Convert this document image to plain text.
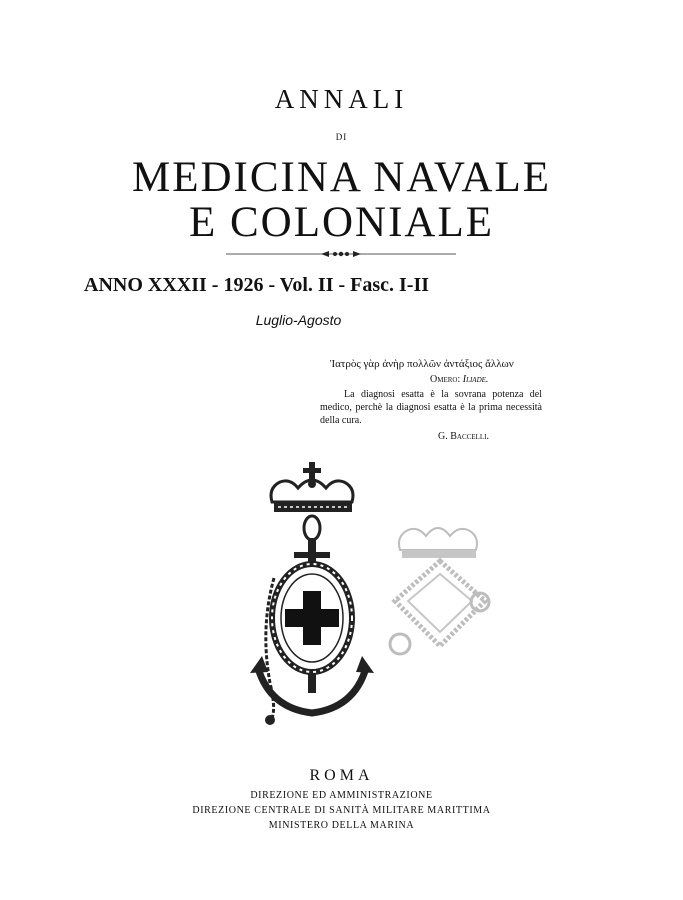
ANNALI
DI
MEDICINA NAVALE
E COLONIALE
ANNO XXXII - 1926 - Vol. II - Fasc. I-II
Luglio-Agosto
Ἰατρὸς γὰρ ἀνὴρ πολλῶν ἀντάξιος ἄλλων
Omero: Iliade.
La diagnosi esatta è la sovrana potenza del medico, perchè la diagnosi esatta è la prima necessità della cura.
G. Baccelli.
ROMA
DIREZIONE ED AMMINISTRAZIONE
DIREZIONE CENTRALE DI SANITÀ MILITARE MARITTIMA
MINISTERO DELLA MARINA
